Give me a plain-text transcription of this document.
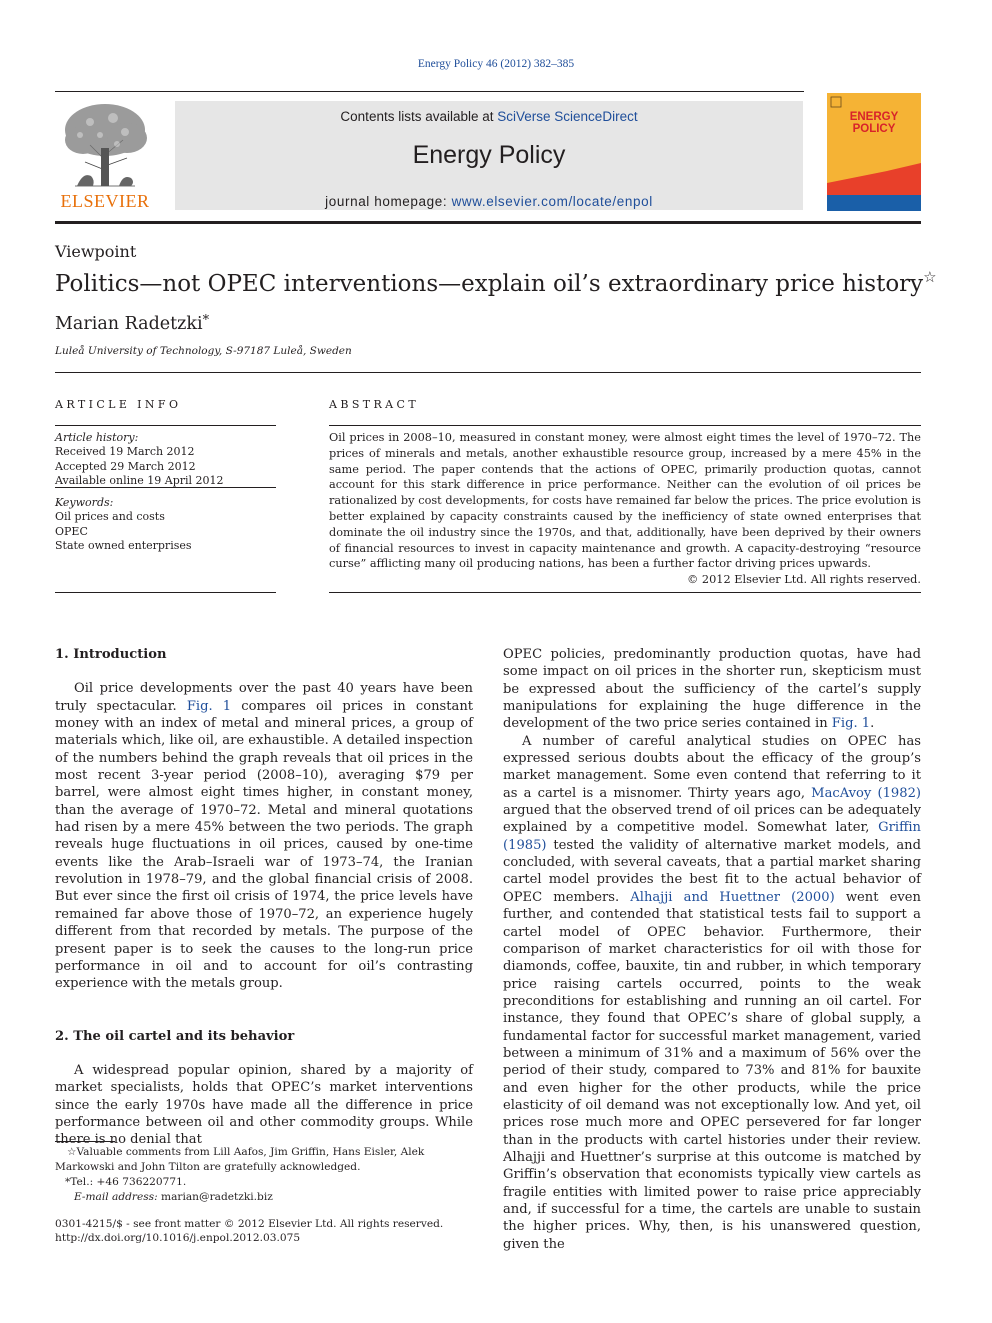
Energy Policy 46 (2012) 382–385
ELSEVIER
Contents lists available at SciVerse ScienceDirect
Energy Policy
journal homepage: www.elsevier.com/locate/enpol
ENERGY
POLICY
Viewpoint
Politics—not OPEC interventions—explain oil’s extraordinary price history☆
Marian Radetzki*
Luleå University of Technology, S-97187 Luleå, Sweden
ARTICLE INFO
Article history:
Received 19 March 2012
Accepted 29 March 2012
Available online 19 April 2012
Keywords:
Oil prices and costs
OPEC
State owned enterprises
ABSTRACT
Oil prices in 2008–10, measured in constant money, were almost eight times the level of 1970–72. The prices of minerals and metals, another exhaustible resource group, increased by a mere 45% in the same period. The paper contends that the actions of OPEC, primarily production quotas, cannot account for this stark difference in price performance. Neither can the evolution of oil prices be rationalized by cost developments, for costs have remained far below the prices. The price evolution is better explained by capacity constraints caused by the inefficiency of state owned enterprises that dominate the oil industry since the 1970s, and that, additionally, have been deprived by their owners of financial resources to invest in capacity maintenance and growth. A capacity-destroying “resource curse” afflicting many oil producing nations, has been a further factor driving prices upwards.
© 2012 Elsevier Ltd. All rights reserved.
1. Introduction

Oil price developments over the past 40 years have been truly spectacular. Fig. 1 compares oil prices in constant money with an index of metal and mineral prices, a group of materials which, like oil, are exhaustible. A detailed inspection of the numbers behind the graph reveals that oil prices in the most recent 3-year period (2008–10), averaging $79 per barrel, were almost eight times higher, in constant money, than the average of 1970–72. Metal and mineral quotations had risen by a mere 45% between the two periods. The graph reveals huge fluctuations in oil prices, caused by one-time events like the Arab–Israeli war of 1973–74, the Iranian revolution in 1978–79, and the global financial crisis of 2008. But ever since the first oil crisis of 1974, the price levels have remained far above those of 1970–72, an experience hugely different from that recorded by metals. The purpose of the present paper is to seek the causes to the long-run price performance in oil and to account for oil’s contrasting experience with the metals group.

2. The oil cartel and its behavior

A widespread popular opinion, shared by a majority of market specialists, holds that OPEC’s market interventions since the early 1970s have made all the difference in price performance between oil and other commodity groups. While there is no denial that

OPEC policies, predominantly production quotas, have had some impact on oil prices in the shorter run, skepticism must be expressed about the sufficiency of the cartel’s supply manipulations for explaining the huge difference in the development of the two price series contained in Fig. 1.

A number of careful analytical studies on OPEC has expressed serious doubts about the efficacy of the group’s market management. Some even contend that referring to it as a cartel is a misnomer. Thirty years ago, MacAvoy (1982) argued that the observed trend of oil prices can be adequately explained by a competitive model. Somewhat later, Griffin (1985) tested the validity of alternative market models, and concluded, with several caveats, that a partial market sharing cartel model provides the best fit to the actual behavior of OPEC members. Alhajji and Huettner (2000) went even further, and contended that statistical tests fail to support a cartel model of OPEC behavior. Furthermore, their comparison of market characteristics for oil with those for diamonds, coffee, bauxite, tin and rubber, in which temporary price raising cartels occurred, points to the weak preconditions for establishing and running an oil cartel. For instance, they found that OPEC’s share of global supply, a fundamental factor for successful market management, varied between a minimum of 31% and a maximum of 56% over the period of their study, compared to 73% and 81% for bauxite and even higher for the other products, while the price elasticity of oil demand was not exceptionally low. And yet, oil prices rose much more and OPEC persevered for far longer than in the products with cartel histories under their review. Alhajji and Huettner’s surprise at this outcome is matched by Griffin’s observation that economists typically view cartels as fragile entities with limited power to raise price appreciably and, if successful for a time, the cartels are unable to sustain the higher prices. Why, then, is his unanswered question, given the

☆Valuable comments from Lill Aafos, Jim Griffin, Hans Eisler, Alek Markowski and John Tilton are gratefully acknowledged.
*Tel.: +46 736220771.
E-mail address: marian@radetzki.biz
0301-4215/$ - see front matter © 2012 Elsevier Ltd. All rights reserved.
http://dx.doi.org/10.1016/j.enpol.2012.03.075
